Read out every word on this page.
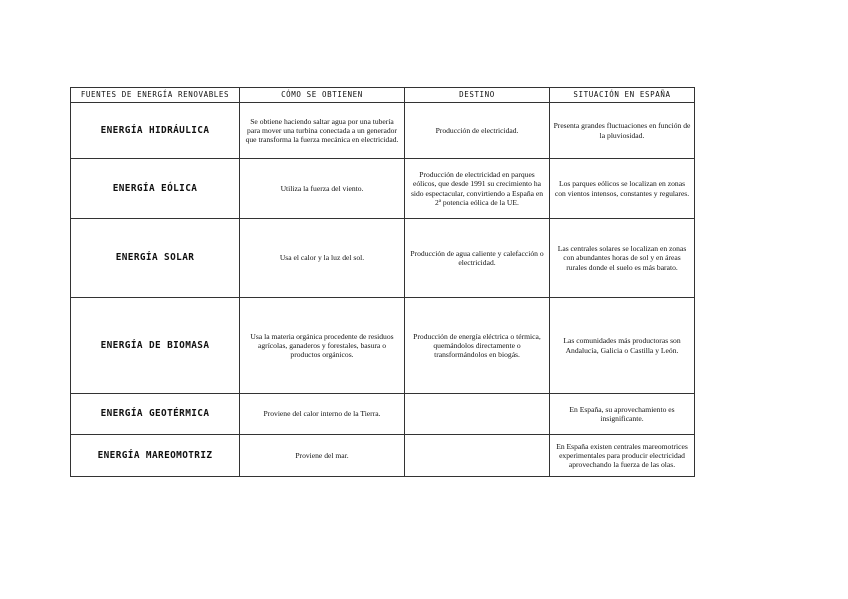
FUENTES DE ENERGÍA RENOVABLES	CÓMO SE OBTIENEN	DESTINO	SITUACIÓN EN ESPAÑA
ENERGÍA HIDRÁULICA	Se obtiene haciendo saltar agua por una tubería para mover una turbina conectada a un generador que transforma la fuerza mecánica en electricidad.	Producción de electricidad.	Presenta grandes fluctuaciones en función de la pluviosidad.
ENERGÍA EÓLICA	Utiliza la fuerza del viento.	Producción de electricidad en parques eólicos, que desde 1991 su crecimiento ha sido espectacular, convirtiendo a España en 2ª potencia eólica de la UE.	Los parques eólicos se localizan en zonas con vientos intensos, constantes y regulares.
ENERGÍA SOLAR	Usa el calor y la luz del sol.	Producción de agua caliente y calefacción o electricidad.	Las centrales solares se localizan en zonas con abundantes horas de sol y en áreas rurales donde el suelo es más barato.
ENERGÍA DE BIOMASA	Usa la materia orgánica procedente de residuos agrícolas, ganaderos y forestales, basura o productos orgánicos.	Producción de energía eléctrica o térmica, quemándolos directamente o transformándolos en biogás.	Las comunidades más productoras son Andalucía, Galicia o Castilla y León.
ENERGÍA GEOTÉRMICA	Proviene del calor interno de la Tierra.		En España, su aprovechamiento es insignificante.
ENERGÍA MAREOMOTRIZ	Proviene del mar.		En España existen centrales mareomotrices experimentales para producir electricidad aprovechando la fuerza de las olas.
